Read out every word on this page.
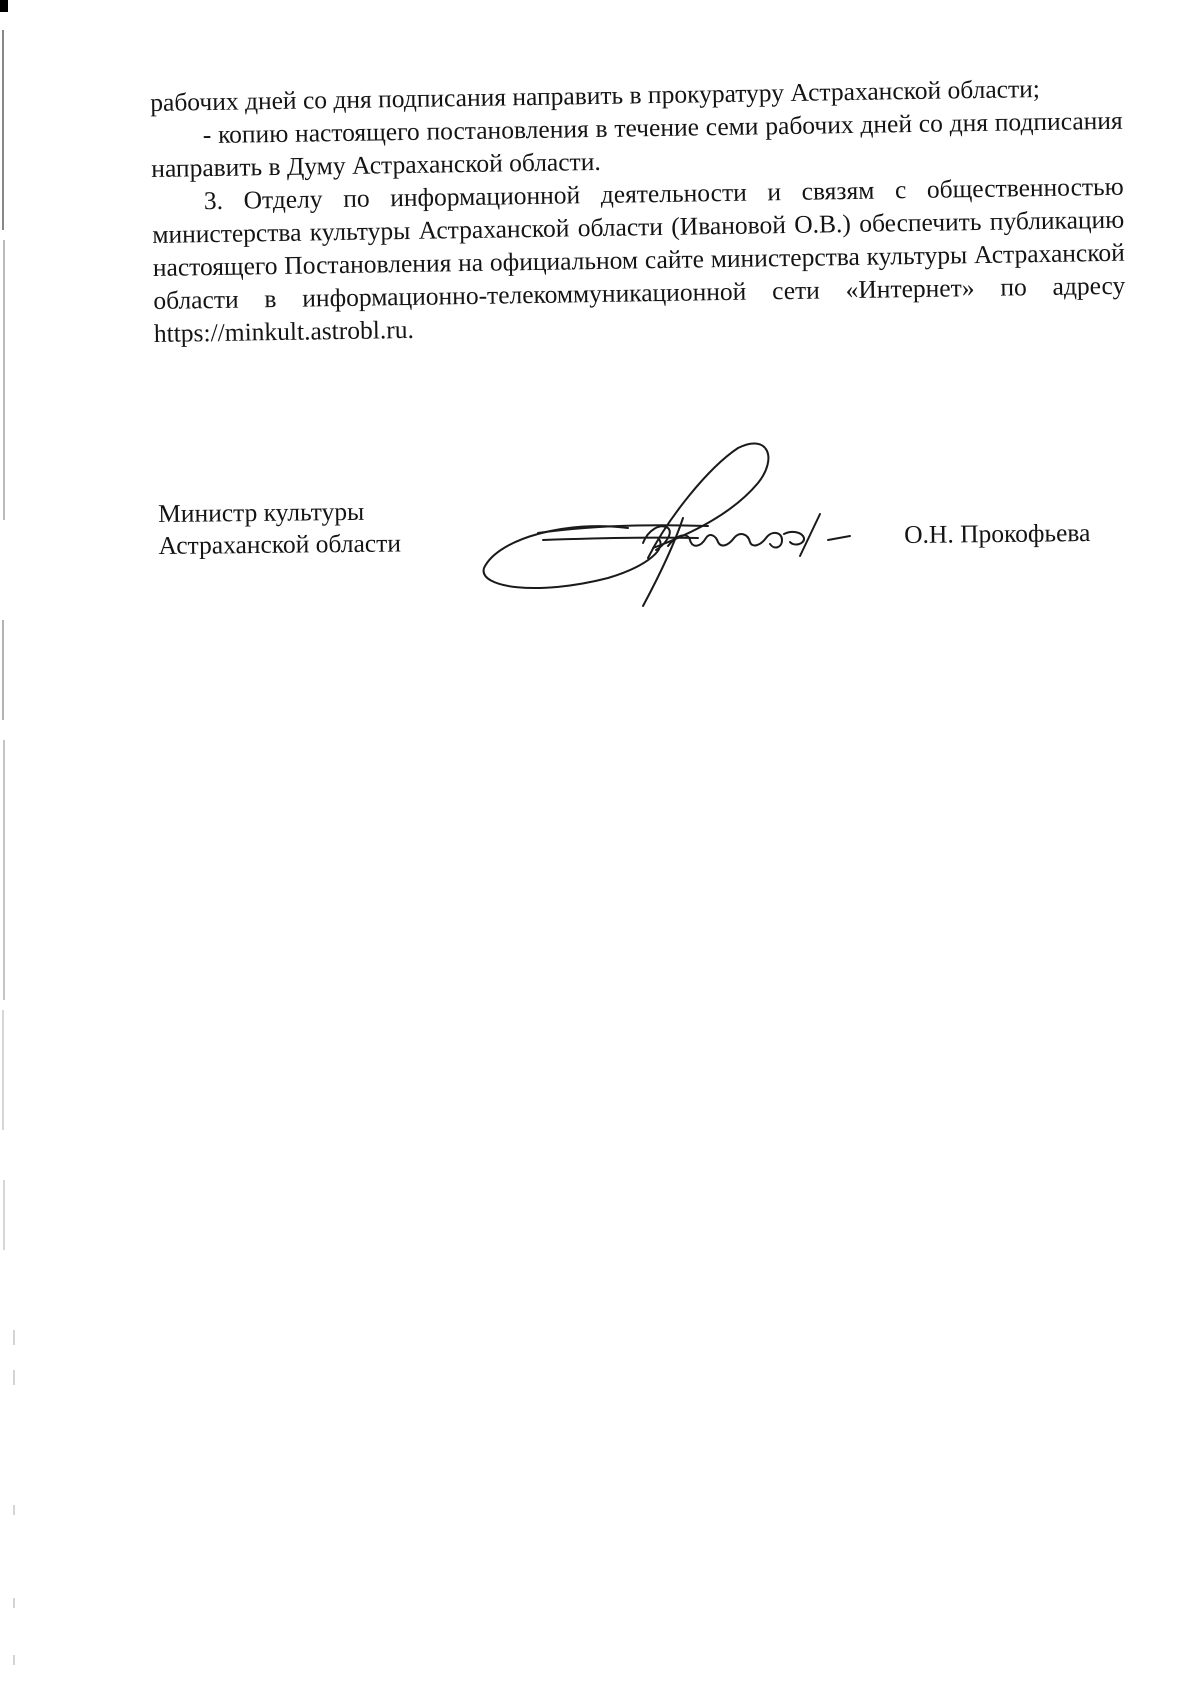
рабочих дней со дня подписания направить в прокуратуру Астраханской области;

- копию настоящего постановления в течение семи рабочих дней со дня подписания направить в Думу Астраханской области.

3. Отделу по информационной деятельности и связям с общественностью министерства культуры Астраханской области (Ивановой О.В.) обеспечить публикацию настоящего Постановления на официальном сайте министерства культуры Астраханской области в информационно-телекоммуникационной сети «Интернет» по адресу https://minkult.astrobl.ru.

Министр культуры
Астраханской области	О.Н. Прокофьева
